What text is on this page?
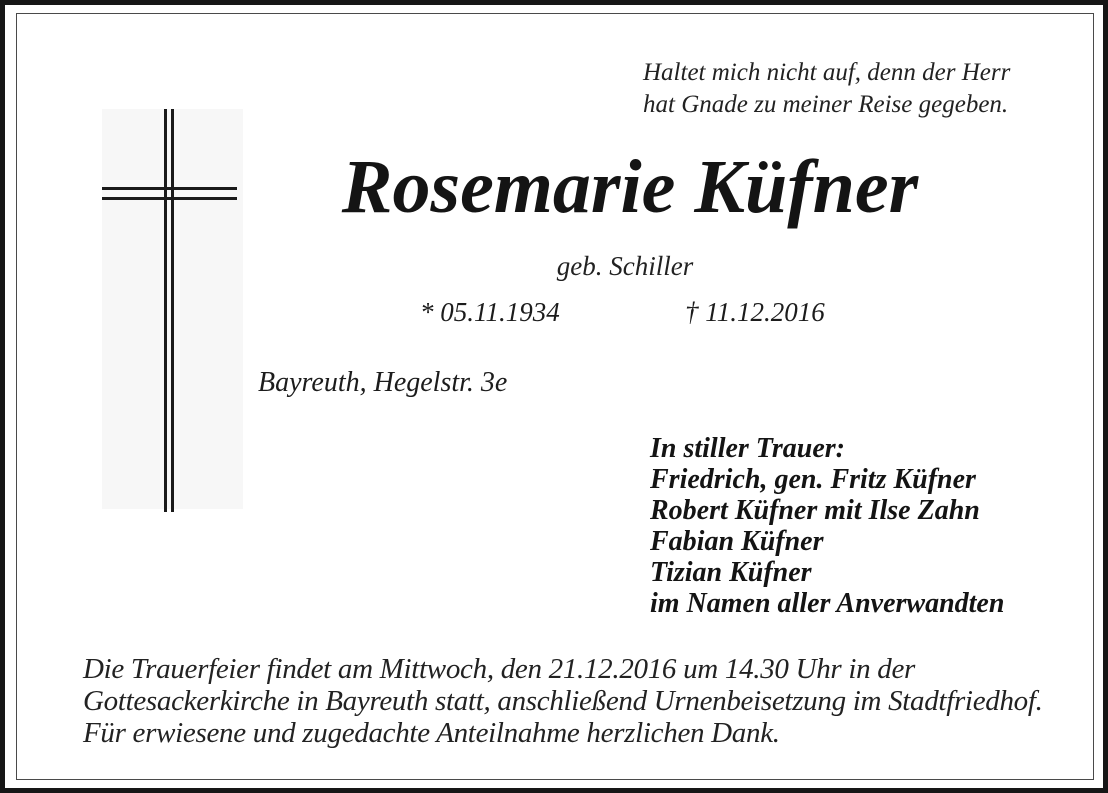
Haltet mich nicht auf, denn der Herr
hat Gnade zu meiner Reise gegeben.
Rosemarie Küfner
geb. Schiller
* 05.11.1934	† 11.12.2016
Bayreuth, Hegelstr. 3e
In stiller Trauer:
Friedrich, gen. Fritz Küfner
Robert Küfner mit Ilse Zahn
Fabian Küfner
Tizian Küfner
im Namen aller Anverwandten
Die Trauerfeier findet am Mittwoch, den 21.12.2016 um 14.30 Uhr in der
Gottesackerkirche in Bayreuth statt, anschließend Urnenbeisetzung im Stadtfriedhof.
Für erwiesene und zugedachte Anteilnahme herzlichen Dank.
